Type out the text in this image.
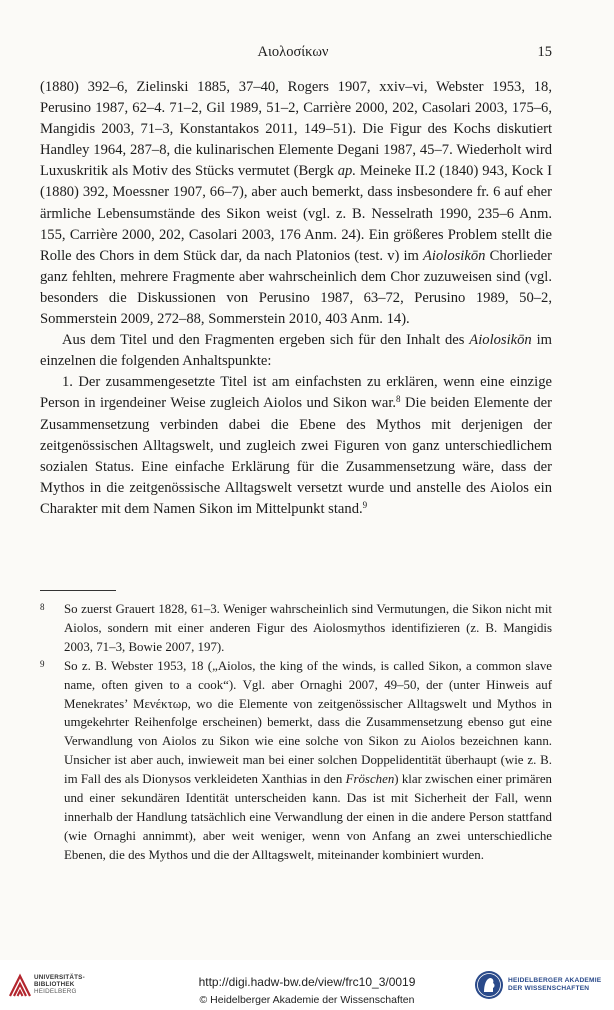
Αιολοσίκων	15

(1880) 392–6, Zielinski 1885, 37–40, Rogers 1907, xxiv–vi, Webster 1953, 18, Perusino 1987, 62–4. 71–2, Gil 1989, 51–2, Carrière 2000, 202, Casolari 2003, 175–6, Mangidis 2003, 71–3, Konstantakos 2011, 149–51). Die Figur des Kochs diskutiert Handley 1964, 287–8, die kulinarischen Elemente Degani 1987, 45–7. Wiederholt wird Luxuskritik als Motiv des Stücks vermutet (Bergk ap. Meineke II.2 (1840) 943, Kock I (1880) 392, Moessner 1907, 66–7), aber auch bemerkt, dass insbesondere fr. 6 auf eher ärmliche Lebensumstände des Sikon weist (vgl. z. B. Nesselrath 1990, 235–6 Anm. 155, Carrière 2000, 202, Casolari 2003, 176 Anm. 24). Ein größeres Problem stellt die Rolle des Chors in dem Stück dar, da nach Platonios (test. v) im Aiolosikōn Chorlieder ganz fehlten, mehrere Fragmente aber wahrscheinlich dem Chor zuzuweisen sind (vgl. besonders die Diskussionen von Perusino 1987, 63–72, Perusino 1989, 50–2, Sommerstein 2009, 272–88, Sommerstein 2010, 403 Anm. 14).

Aus dem Titel und den Fragmenten ergeben sich für den Inhalt des Aiolosikōn im einzelnen die folgenden Anhaltspunkte:

1. Der zusammengesetzte Titel ist am einfachsten zu erklären, wenn eine einzige Person in irgendeiner Weise zugleich Aiolos und Sikon war.$^8$ Die beiden Elemente der Zusammensetzung verbinden dabei die Ebene des Mythos mit derjenigen der zeitgenössischen Alltagswelt, und zugleich zwei Figuren von ganz unterschiedlichem sozialen Status. Eine einfache Erklärung für die Zusammensetzung wäre, dass der Mythos in die zeitgenössische Alltagswelt versetzt wurde und anstelle des Aiolos ein Charakter mit dem Namen Sikon im Mittelpunkt stand.$^9$

8	So zuerst Grauert 1828, 61–3. Weniger wahrscheinlich sind Vermutungen, die Sikon nicht mit Aiolos, sondern mit einer anderen Figur des Aiolosmythos identifizieren (z. B. Mangidis 2003, 71–3, Bowie 2007, 197).
9	So z. B. Webster 1953, 18 („Aiolos, the king of the winds, is called Sikon, a common slave name, often given to a cook“). Vgl. aber Ornaghi 2007, 49–50, der (unter Hinweis auf Menekrates’ Μενέκτωρ, wo die Elemente von zeitgenössischer Alltagswelt und Mythos in umgekehrter Reihenfolge erscheinen) bemerkt, dass die Zusammensetzung ebenso gut eine Verwandlung von Aiolos zu Sikon wie eine solche von Sikon zu Aiolos bezeichnen kann. Unsicher ist aber auch, inwieweit man bei einer solchen Doppelidentität überhaupt (wie z. B. im Fall des als Dionysos verkleideten Xanthias in den Fröschen) klar zwischen einer primären und einer sekundären Identität unterscheiden kann. Das ist mit Sicherheit der Fall, wenn innerhalb der Handlung tatsächlich eine Verwandlung der einen in die andere Person stattfand (wie Ornaghi annimmt), aber weit weniger, wenn von Anfang an zwei unterschiedliche Ebenen, die des Mythos und die der Alltagswelt, miteinander kombiniert wurden.
UNIVERSITÄTS-
BIBLIOTHEK
HEIDELBERG
http://digi.hadw-bw.de/view/frc10_3/0019
© Heidelberger Akademie der Wissenschaften
HEIDELBERGER AKADEMIE
DER WISSENSCHAFTEN
